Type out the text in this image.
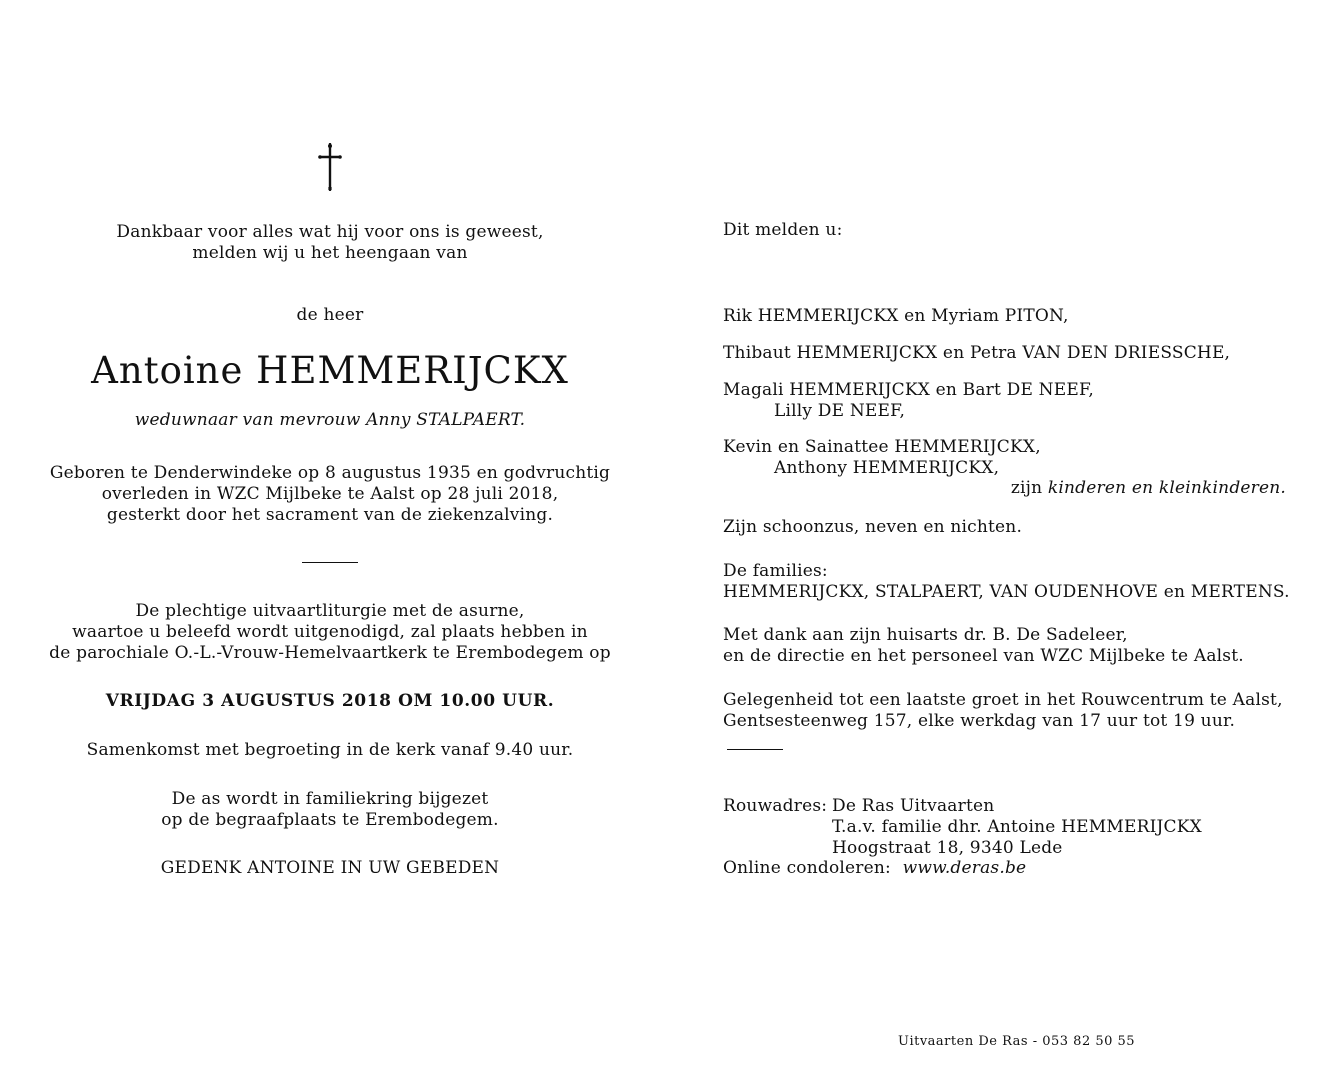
Dankbaar voor alles wat hij voor ons is geweest,
melden wij u het heengaan van
de heer
Antoine HEMMERIJCKX
weduwnaar van mevrouw Anny STALPAERT.
Geboren te Denderwindeke op 8 augustus 1935 en godvruchtig
overleden in WZC Mijlbeke te Aalst op 28 juli 2018,
gesterkt door het sacrament van de ziekenzalving.
De plechtige uitvaartliturgie met de asurne,
waartoe u beleefd wordt uitgenodigd, zal plaats hebben in
de parochiale O.-L.-Vrouw-Hemelvaartkerk te Erembodegem op
VRIJDAG 3 AUGUSTUS 2018 OM 10.00 UUR.
Samenkomst met begroeting in de kerk vanaf 9.40 uur.
De as wordt in familiekring bijgezet
op de begraafplaats te Erembodegem.
GEDENK ANTOINE IN UW GEBEDEN
Dit melden u:
Rik HEMMERIJCKX en Myriam PITON,
Thibaut HEMMERIJCKX en Petra VAN DEN DRIESSCHE,
Magali HEMMERIJCKX en Bart DE NEEF,
Lilly DE NEEF,
Kevin en Sainattee HEMMERIJCKX,
Anthony HEMMERIJCKX,
zijn kinderen en kleinkinderen.
Zijn schoonzus, neven en nichten.
De families:
HEMMERIJCKX, STALPAERT, VAN OUDENHOVE en MERTENS.
Met dank aan zijn huisarts dr. B. De Sadeleer,
en de directie en het personeel van WZC Mijlbeke te Aalst.
Gelegenheid tot een laatste groet in het Rouwcentrum te Aalst,
Gentsesteenweg 157, elke werkdag van 17 uur tot 19 uur.
Rouwadres: De Ras Uitvaarten
T.a.v. familie dhr. Antoine HEMMERIJCKX
Hoogstraat 18, 9340 Lede
Online condoleren: www.deras.be
Uitvaarten De Ras - 053 82 50 55
